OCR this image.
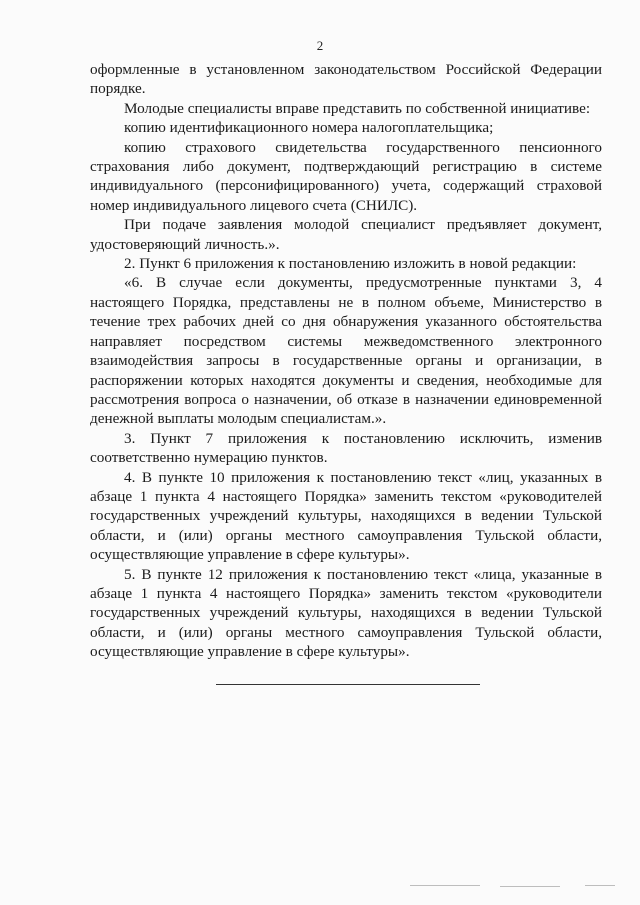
2

оформленные в установленном законодательством Российской Федерации порядке.

Молодые специалисты вправе представить по собственной инициативе:

копию идентификационного номера налогоплательщика;

копию страхового свидетельства государственного пенсионного страхования либо документ, подтверждающий регистрацию в системе индивидуального (персонифицированного) учета, содержащий страховой номер индивидуального лицевого счета (СНИЛС).

При подаче заявления молодой специалист предъявляет документ, удостоверяющий личность.».

2. Пункт 6 приложения к постановлению изложить в новой редакции:

«6. В случае если документы, предусмотренные пунктами 3, 4 настоящего Порядка, представлены не в полном объеме, Министерство в течение трех рабочих дней со дня обнаружения указанного обстоятельства направляет посредством системы межведомственного электронного взаимодействия запросы в государственные органы и организации, в распоряжении которых находятся документы и сведения, необходимые для рассмотрения вопроса о назначении, об отказе в назначении единовременной денежной выплаты молодым специалистам.».

3. Пункт 7 приложения к постановлению исключить, изменив соответственно нумерацию пунктов.

4. В пункте 10 приложения к постановлению текст «лиц, указанных в абзаце 1 пункта 4 настоящего Порядка» заменить текстом «руководителей государственных учреждений культуры, находящихся в ведении Тульской области, и (или) органы местного самоуправления Тульской области, осуществляющие управление в сфере культуры».

5. В пункте 12 приложения к постановлению текст «лица, указанные в абзаце 1 пункта 4 настоящего Порядка» заменить текстом «руководители государственных учреждений культуры, находящихся в ведении Тульской области, и (или) органы местного самоуправления Тульской области, осуществляющие управление в сфере культуры».
